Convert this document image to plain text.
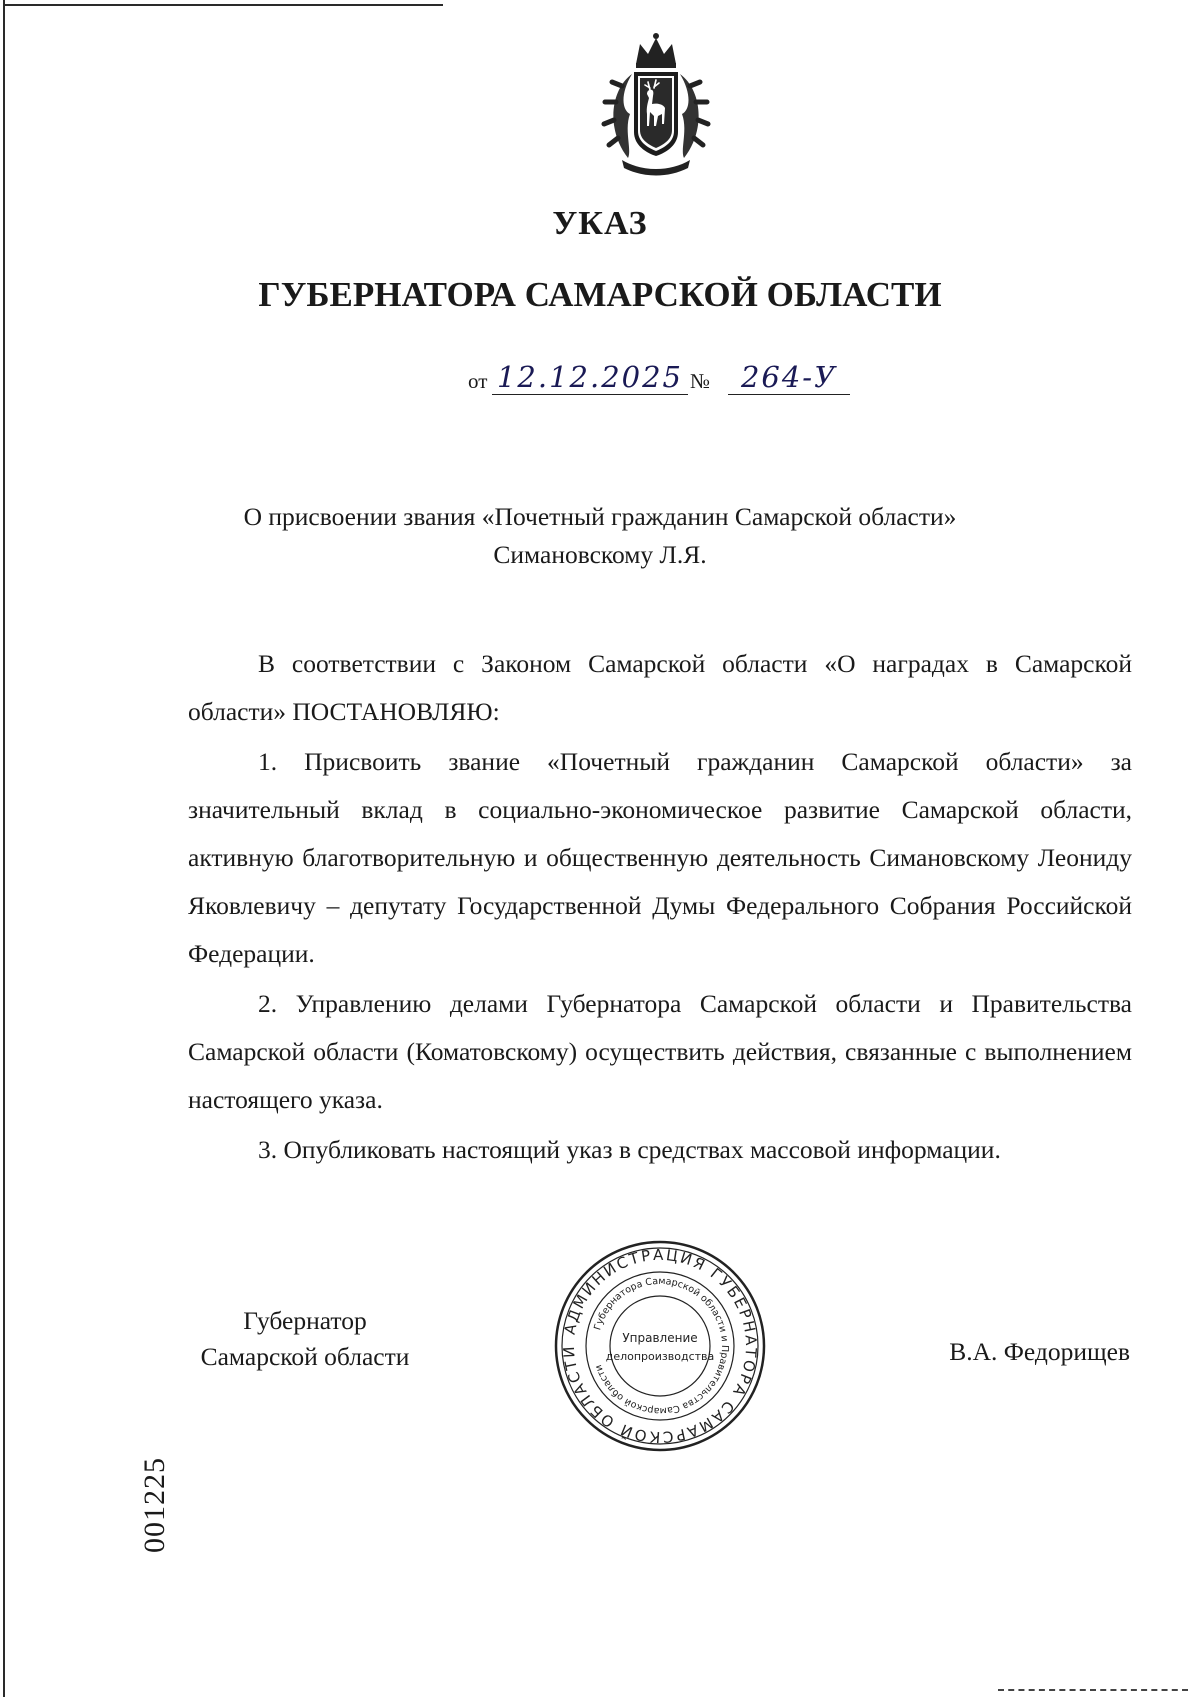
УКАЗ
ГУБЕРНАТОРА САМАРСКОЙ ОБЛАСТИ
от 12.12.2025 №	264-У
О присвоении звания «Почетный гражданин Самарской области»
Симановскому Л.Я.

В соответствии с Законом Самарской области «О наградах в Самарской области» ПОСТАНОВЛЯЮ:

1. Присвоить звание «Почетный гражданин Самарской области» за значительный вклад в социально-экономическое развитие Самарской области, активную благотворительную и общественную деятельность Симановскому Леониду Яковлевичу – депутату Государственной Думы Федерального Собрания Российской Федерации.

2. Управлению делами Губернатора Самарской области и Правительства Самарской области (Коматовскому) осуществить действия, связанные с выполнением настоящего указа.

3. Опубликовать настоящий указ в средствах массовой информации.

Губернатор
Самарской области
АДМИНИСТРАЦИЯ ГУБЕРНАТОРА САМАРСКОЙ ОБЛАСТИ
Губернатора Самарской области и Правительства Самарской области
Управление
делопроизводства	В.А. Федорищев
001225
